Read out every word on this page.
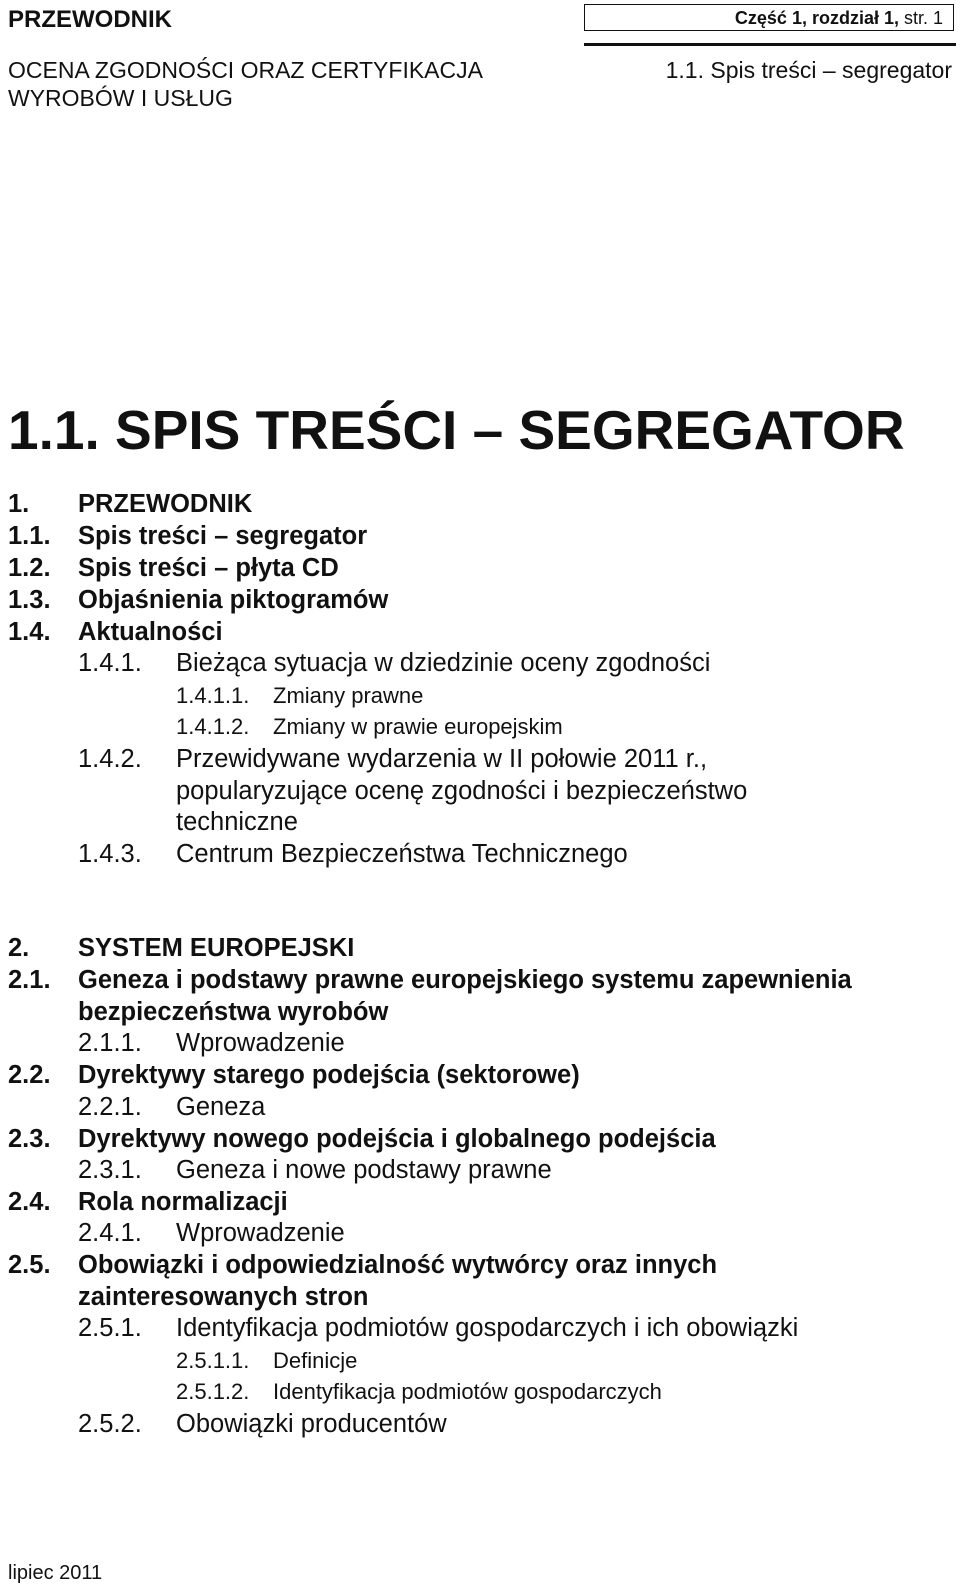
PRZEWODNIK	Część 1, rozdział 1, str. 1
OCENA ZGODNOŚCI ORAZ CERTYFIKACJA
WYROBÓW I USŁUG
1.1. Spis treści – segregator
1.1. SPIS TREŚCI – SEGREGATOR
1. PRZEWODNIK
1.1. Spis treści – segregator
1.2. Spis treści – płyta CD
1.3. Objaśnienia piktogramów
1.4. Aktualności
1.4.1. Bieżąca sytuacja w dziedzinie oceny zgodności
1.4.1.1. Zmiany prawne
1.4.1.2. Zmiany w prawie europejskim
1.4.2. Przewidywane wydarzenia w II połowie 2011 r.,
popularyzujące ocenę zgodności i bezpieczeństwo
techniczne
1.4.3. Centrum Bezpieczeństwa Technicznego
2. SYSTEM EUROPEJSKI
2.1. Geneza i podstawy prawne europejskiego systemu zapewnienia
bezpieczeństwa wyrobów
2.1.1. Wprowadzenie
2.2. Dyrektywy starego podejścia (sektorowe)
2.2.1. Geneza
2.3. Dyrektywy nowego podejścia i globalnego podejścia
2.3.1. Geneza i nowe podstawy prawne
2.4. Rola normalizacji
2.4.1. Wprowadzenie
2.5. Obowiązki i odpowiedzialność wytwórcy oraz innych
zainteresowanych stron
2.5.1. Identyfikacja podmiotów gospodarczych i ich obowiązki
2.5.1.1. Definicje
2.5.1.2. Identyfikacja podmiotów gospodarczych
2.5.2. Obowiązki producentów
lipiec 2011
